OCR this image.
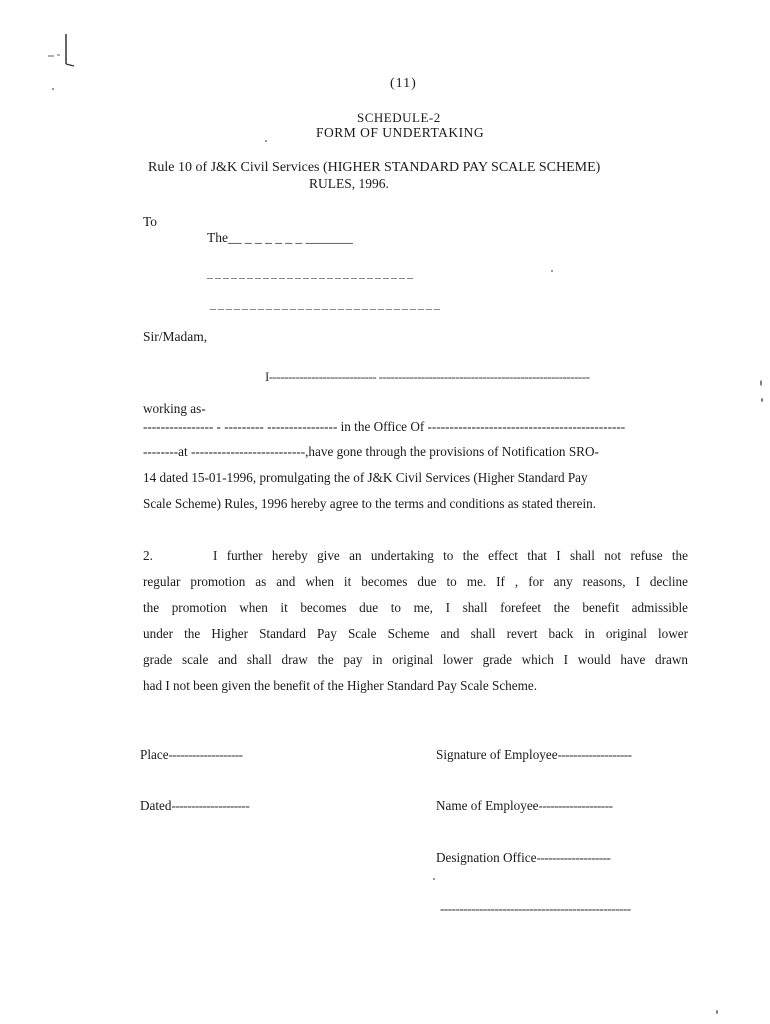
(11)
SCHEDULE-2
FORM OF UNDERTAKING
Rule 10 of J&K Civil Services (HIGHER STANDARD PAY SCALE SCHEME)
RULES, 1996.
To
The__ _ _ _ _ _ _ _______
_ _ _ _ _ _ _ _ _ _ _ _ _ _ _ _ _ _ _ _ _ _ _ _ _ _
_ _ _ _ _ _ _ _ _ _ _ _ _ _ _ _ _ _ _ _ _ _ _ _ _ _ _ _ _
Sir/Madam,
I---------------------------- -------------------------------------------------------
working as-
---------------- - --------- ---------------- in the Office Of ---------------------------------------------
--------at --------------------------,have gone through the provisions of Notification SRO-
14 dated 15-01-1996, promulgating the of J&K Civil Services (Higher Standard Pay
Scale Scheme) Rules, 1996 hereby agree to the terms and conditions as stated therein.
2.	I further hereby give an undertaking to the effect that I shall not refuse the
regular promotion as and when it becomes due to me. If , for any reasons, I decline
the promotion when it becomes due to me, I shall forefeet the benefit admissible
under the Higher Standard Pay Scale Scheme and shall revert back in original lower
grade scale and shall draw the pay in original lower grade which I would have drawn
had I not been given the benefit of the Higher Standard Pay Scale Scheme.
Place-------------------	Signature of Employee-------------------
Dated--------------------	Name of Employee-------------------
Designation Office-------------------
-------------------------------------------------
